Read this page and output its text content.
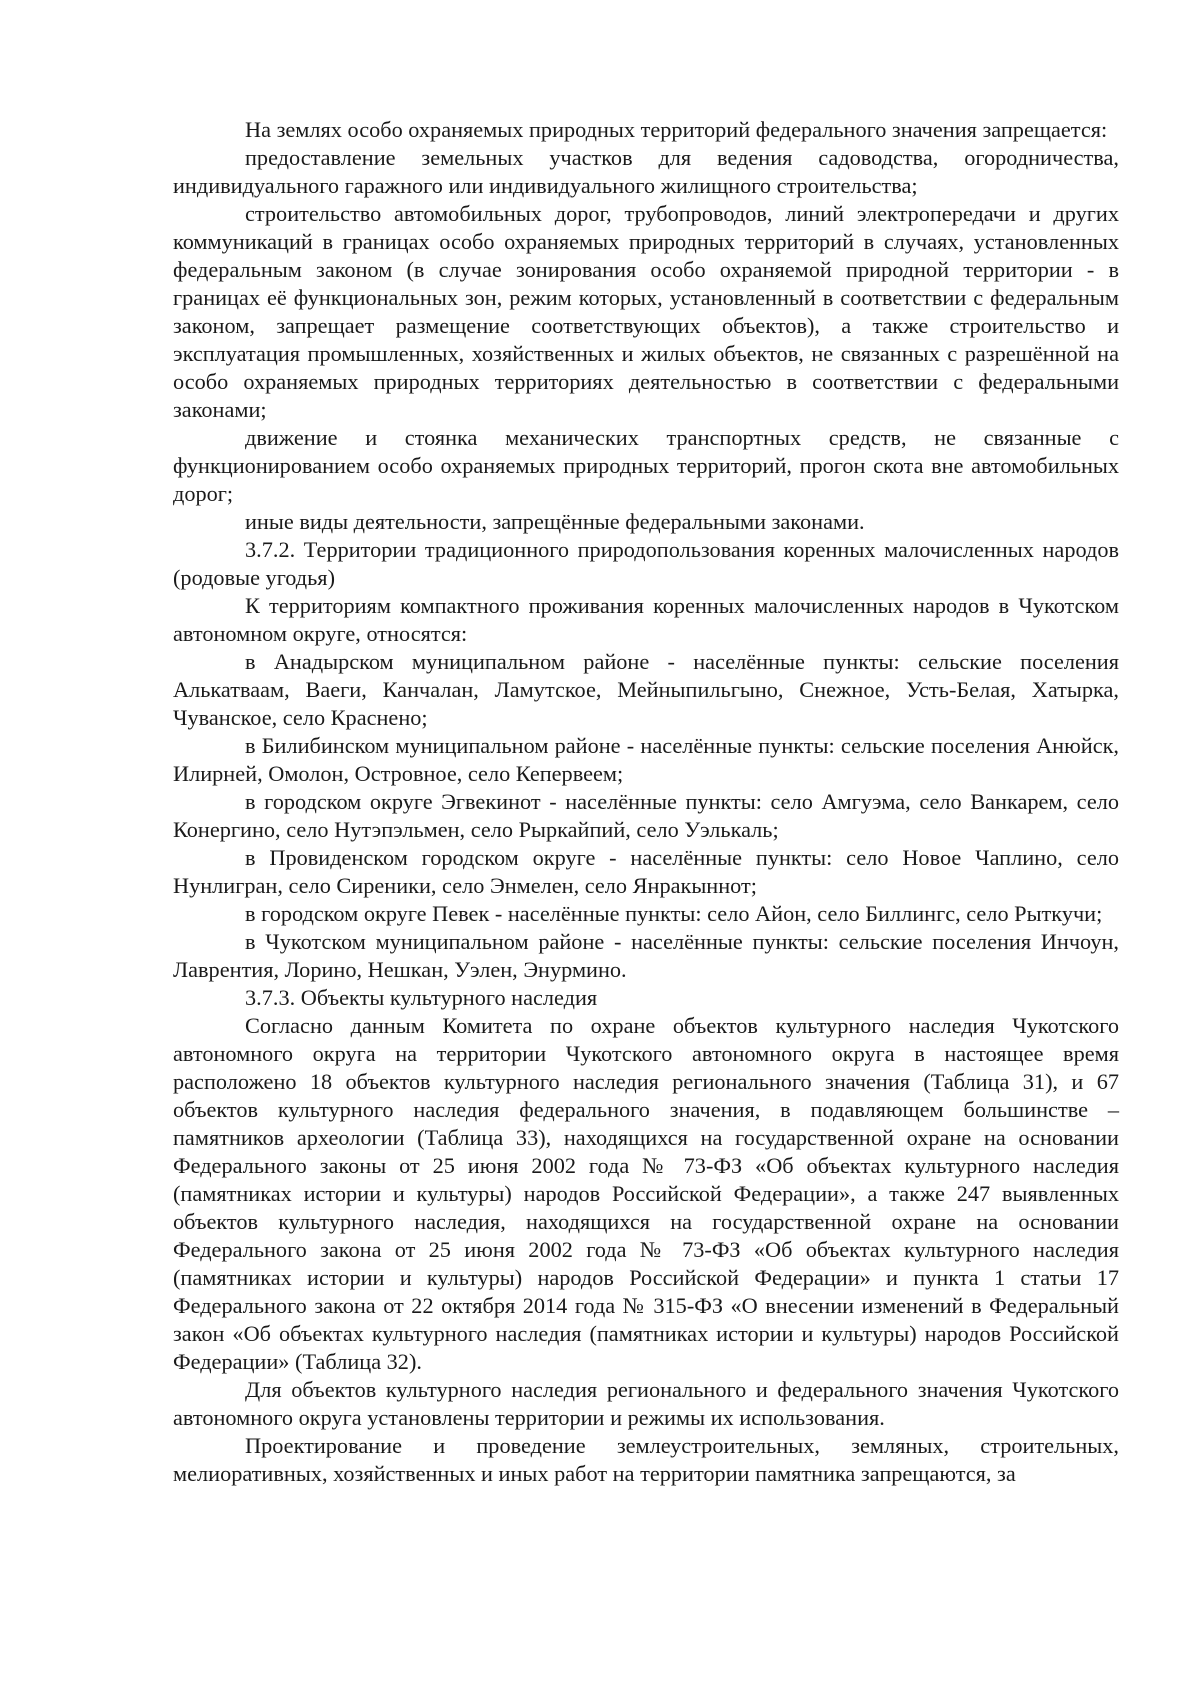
На землях особо охраняемых природных территорий федерального значения запрещается:

предоставление земельных участков для ведения садоводства, огородничества, индивидуального гаражного или индивидуального жилищного строительства;

строительство автомобильных дорог, трубопроводов, линий электропередачи и других коммуникаций в границах особо охраняемых природных территорий в случаях, установленных федеральным законом (в случае зонирования особо охраняемой природной территории - в границах её функциональных зон, режим которых, установленный в соответствии с федеральным законом, запрещает размещение соответствующих объектов), а также строительство и эксплуатация промышленных, хозяйственных и жилых объектов, не связанных с разрешённой на особо охраняемых природных территориях деятельностью в соответствии с федеральными законами;

движение и стоянка механических транспортных средств, не связанные с функционированием особо охраняемых природных территорий, прогон скота вне автомобильных дорог;

иные виды деятельности, запрещённые федеральными законами.

3.7.2. Территории традиционного природопользования коренных малочисленных народов (родовые угодья)

К территориям компактного проживания коренных малочисленных народов в Чукотском автономном округе, относятся:

в Анадырском муниципальном районе - населённые пункты: сельские поселения Алькатваам, Ваеги, Канчалан, Ламутское, Мейныпильгыно, Снежное, Усть-Белая, Хатырка, Чуванское, село Краснено;

в Билибинском муниципальном районе - населённые пункты: сельские поселения Анюйск, Илирней, Омолон, Островное, село Кепервеем;

в городском округе Эгвекинот - населённые пункты: село Амгуэма, село Ванкарем, село Конергино, село Нутэпэльмен, село Рыркайпий, село Уэлькаль;

в Провиденском городском округе - населённые пункты: село Новое Чаплино, село Нунлигран, село Сиреники, село Энмелен, село Янракыннот;

в городском округе Певек - населённые пункты: село Айон, село Биллингс, село Рыткучи;

в Чукотском муниципальном районе - населённые пункты: сельские поселения Инчоун, Лаврентия, Лорино, Нешкан, Уэлен, Энурмино.

3.7.3. Объекты культурного наследия

Согласно данным Комитета по охране объектов культурного наследия Чукотского автономного округа на территории Чукотского автономного округа в настоящее время расположено 18 объектов культурного наследия регионального значения (Таблица 31), и 67 объектов культурного наследия федерального значения, в подавляющем большинстве – памятников археологии (Таблица 33), находящихся на государственной охране на основании Федерального законы от 25 июня 2002 года № 73-ФЗ «Об объектах культурного наследия (памятниках истории и культуры) народов Российской Федерации», а также 247 выявленных объектов культурного наследия, находящихся на государственной охране на основании Федерального закона от 25 июня 2002 года № 73-ФЗ «Об объектах культурного наследия (памятниках истории и культуры) народов Российской Федерации» и пункта 1 статьи 17 Федерального закона от 22 октября 2014 года № 315-ФЗ «О внесении изменений в Федеральный закон «Об объектах культурного наследия (памятниках истории и культуры) народов Российской Федерации» (Таблица 32).

Для объектов культурного наследия регионального и федерального значения Чукотского автономного округа установлены территории и режимы их использования.

Проектирование и проведение землеустроительных, земляных, строительных, мелиоративных, хозяйственных и иных работ на территории памятника запрещаются, за
